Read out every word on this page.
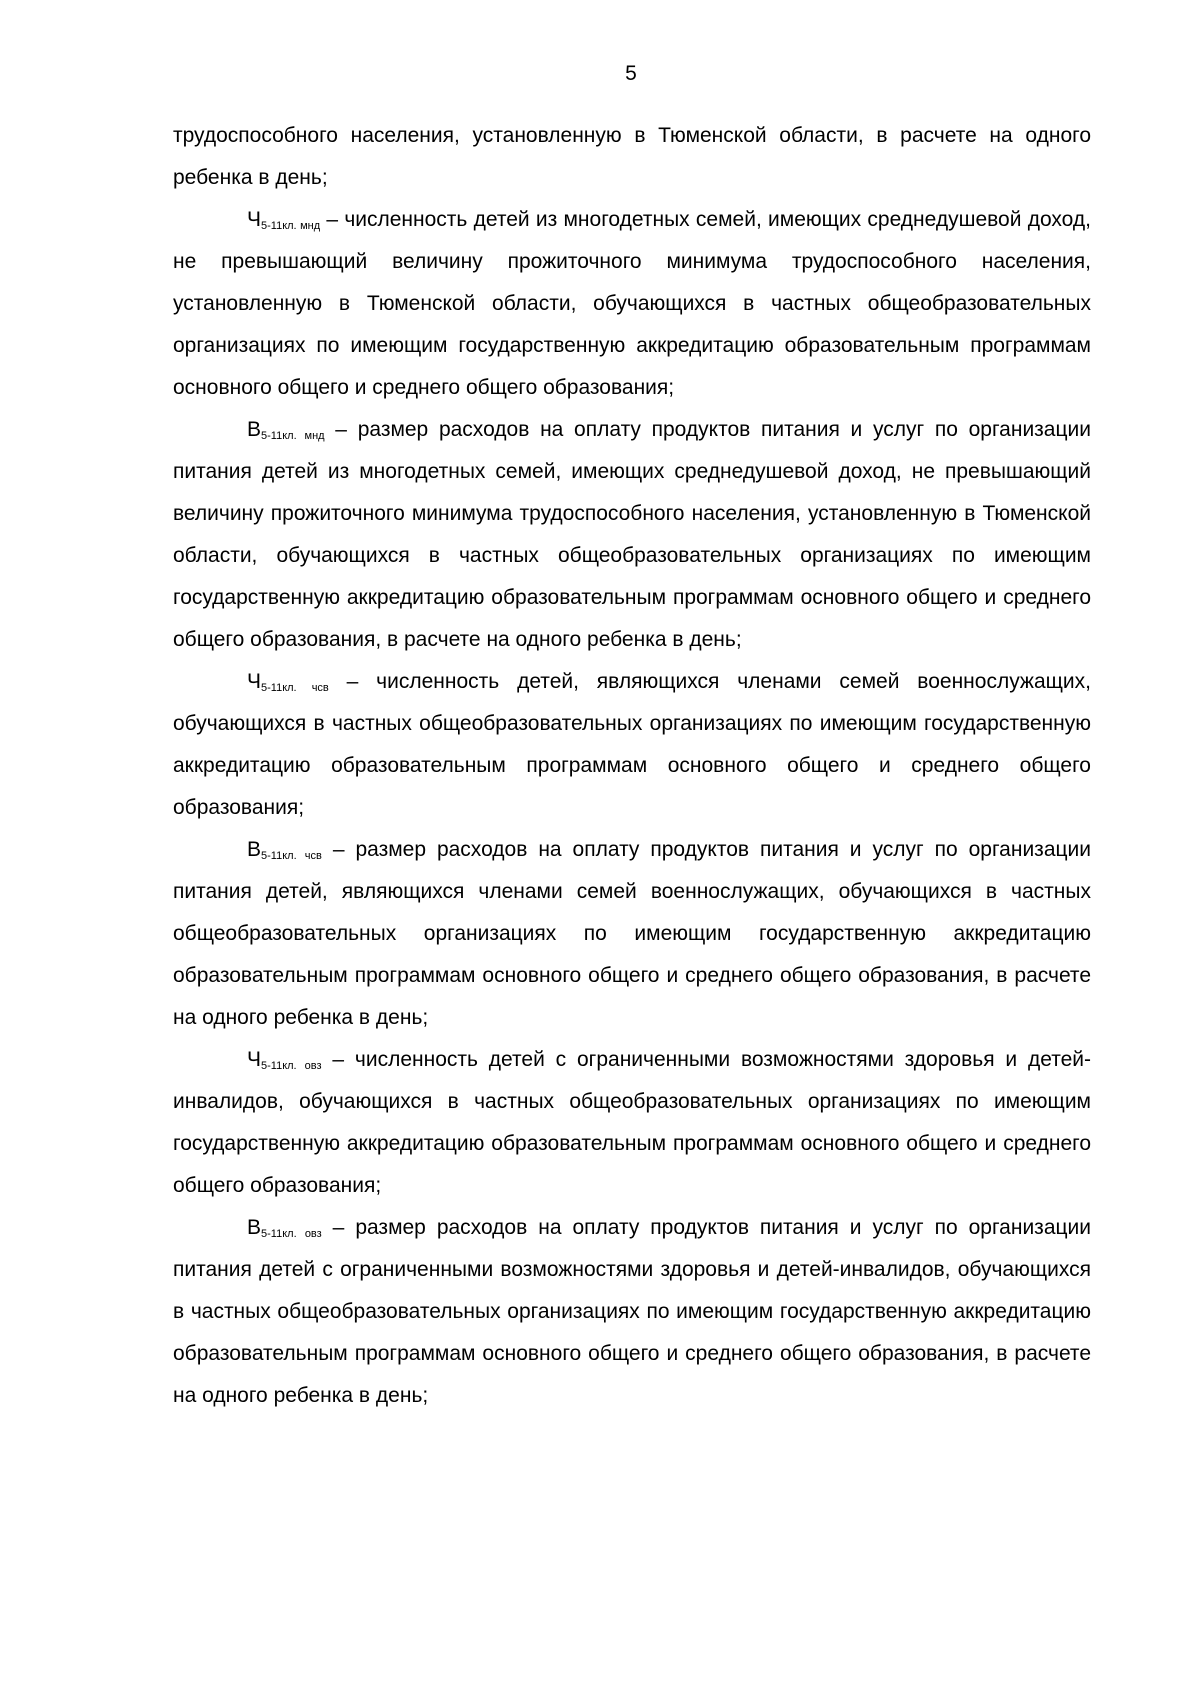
5

трудоспособного населения, установленную в Тюменской области, в расчете на одного ребенка в день;

$Ч_{5-11кл. мнд}$ – численность детей из многодетных семей, имеющих среднедушевой доход, не превышающий величину прожиточного минимума трудоспособного населения, установленную в Тюменской области, обучающихся в частных общеобразовательных организациях по имеющим государственную аккредитацию образовательным программам основного общего и среднего общего образования;

$В_{5-11кл. мнд}$ – размер расходов на оплату продуктов питания и услуг по организации питания детей из многодетных семей, имеющих среднедушевой доход, не превышающий величину прожиточного минимума трудоспособного населения, установленную в Тюменской области, обучающихся в частных общеобразовательных организациях по имеющим государственную аккредитацию образовательным программам основного общего и среднего общего образования, в расчете на одного ребенка в день;

$Ч_{5-11кл. чсв}$ – численность детей, являющихся членами семей военнослужащих, обучающихся в частных общеобразовательных организациях по имеющим государственную аккредитацию образовательным программам основного общего и среднего общего образования;

$В_{5-11кл. чсв}$ – размер расходов на оплату продуктов питания и услуг по организации питания детей, являющихся членами семей военнослужащих, обучающихся в частных общеобразовательных организациях по имеющим государственную аккредитацию образовательным программам основного общего и среднего общего образования, в расчете на одного ребенка в день;

$Ч_{5-11кл. овз}$ – численность детей с ограниченными возможностями здоровья и детей-инвалидов, обучающихся в частных общеобразовательных организациях по имеющим государственную аккредитацию образовательным программам основного общего и среднего общего образования;

$В_{5-11кл. овз}$ – размер расходов на оплату продуктов питания и услуг по организации питания детей с ограниченными возможностями здоровья и детей-инвалидов, обучающихся в частных общеобразовательных организациях по имеющим государственную аккредитацию образовательным программам основного общего и среднего общего образования, в расчете на одного ребенка в день;
